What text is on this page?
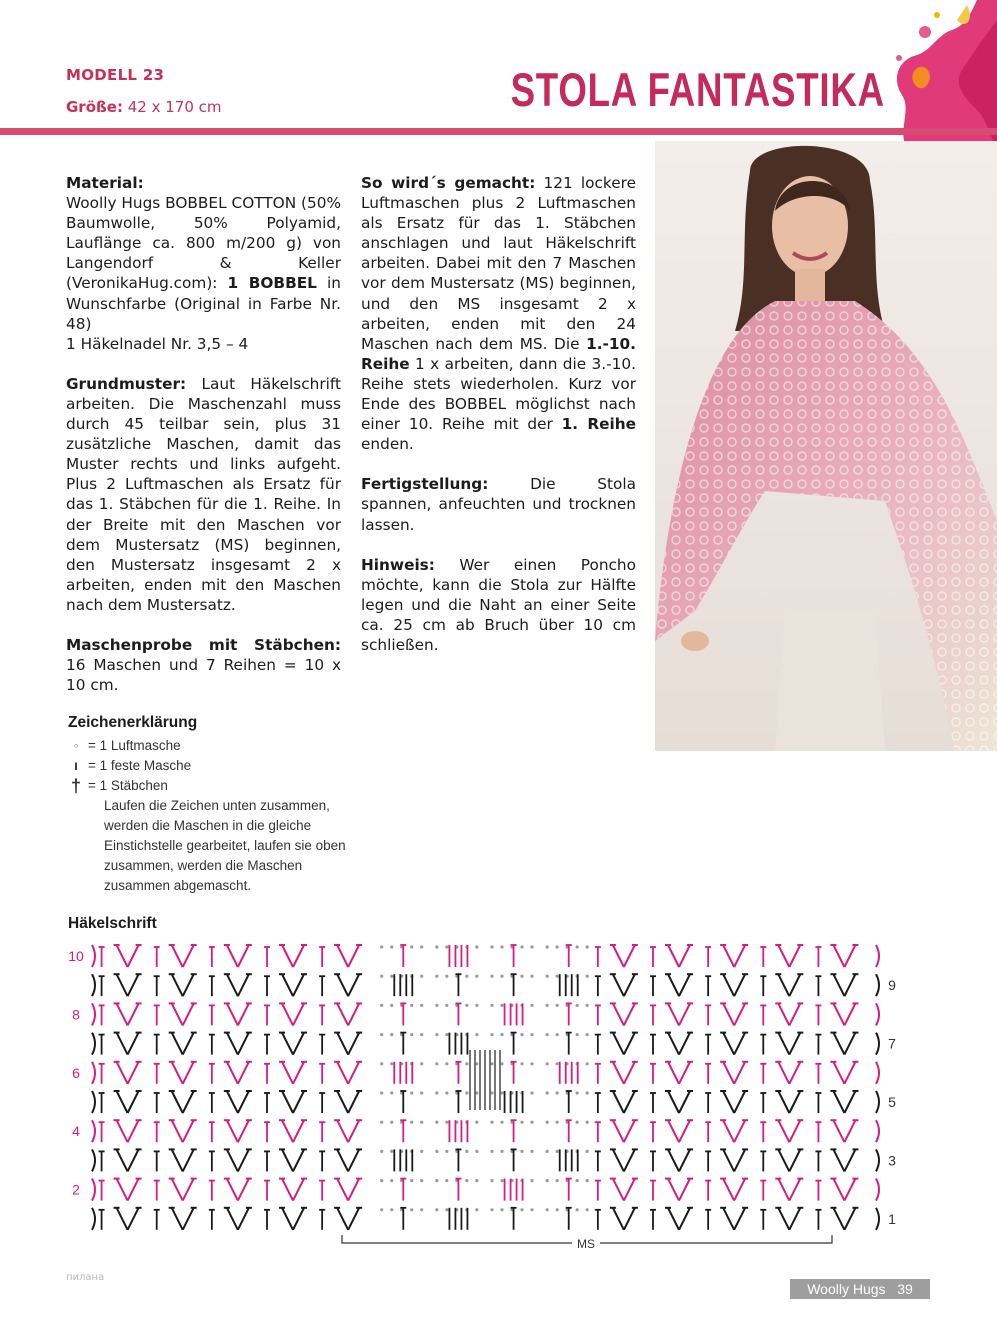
MODELL 23
Größe: 42 x 170 cm	STOLA FANTASTIKA

Material:
Woolly Hugs BOBBEL COTTON (50% Baumwolle, 50% Polyamid, Lauflänge ca. 800 m/200 g) von Langendorf & Keller (VeronikaHug.com): 1 BOBBEL in Wunschfarbe (Original in Farbe Nr. 48)
1 Häkelnadel Nr. 3,5 – 4

Grundmuster: Laut Häkelschrift arbeiten. Die Maschenzahl muss durch 45 teilbar sein, plus 31 zusätzliche Maschen, damit das Muster rechts und links aufgeht. Plus 2 Luftmaschen als Ersatz für das 1. Stäbchen für die 1. Reihe. In der Breite mit den Maschen vor dem Mustersatz (MS) beginnen, den Mustersatz insgesamt 2 x arbeiten, enden mit den Maschen nach dem Mustersatz.

Maschenprobe mit Stäbchen: 16 Maschen und 7 Reihen = 10 x 10 cm.

So wird´s gemacht: 121 lockere Luftmaschen plus 2 Luftmaschen als Ersatz für das 1. Stäbchen anschlagen und laut Häkelschrift arbeiten. Dabei mit den 7 Maschen vor dem Mustersatz (MS) beginnen, und den MS insgesamt 2 x arbeiten, enden mit den 24 Maschen nach dem MS. Die 1.-10. Reihe 1 x arbeiten, dann die 3.-10. Reihe stets wiederholen. Kurz vor Ende des BOBBEL möglichst nach einer 10. Reihe mit der 1. Reihe enden.

Fertigstellung:	Die Stola spannen, anfeuchten und trocknen lassen.

Hinweis: Wer einen Poncho möchte, kann die Stola zur Hälfte legen und die Naht an einer Seite ca. 25 cm ab Bruch über 10 cm schließen.

Zeichenerklärung
◦ = 1 Luftmasche
ı = 1 feste Masche
† = 1 Stäbchen
Laufen die Zeichen unten zusammen, werden die Maschen in die gleiche Einstichstelle gearbeitet, laufen sie oben zusammen, werden die Maschen zusammen abgemascht.
Häkelschrift
10
8
6
4
2
9
7
5
3
1
MS
пилана
Woolly Hugs 39
